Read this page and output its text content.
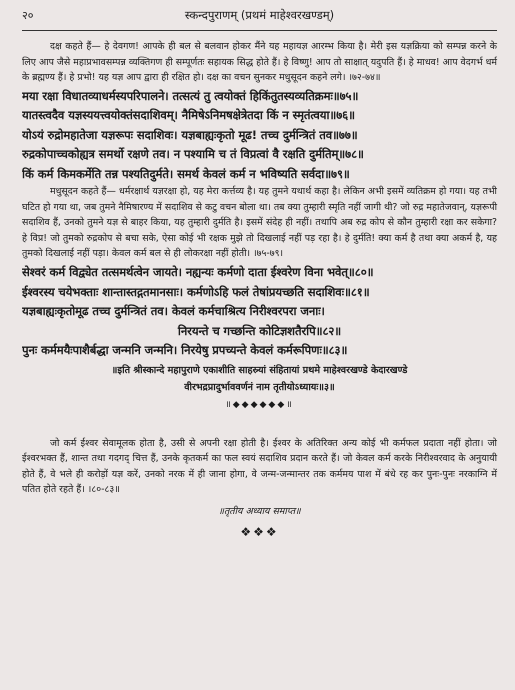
२०	स्कन्दपुराणम् (प्रथमं माहेश्वरखण्डम्)

दक्ष कहते हैं— हे देवगण! आपके ही बल से बलवान होकर मैंने यह महायज्ञ आरम्भ किया है। मेरी इस यज्ञक्रिया को सम्पन्न करने के लिए आप जैसे महाप्रभावसम्पन्न व्यक्तिगण ही सम्पूर्णतः सहायक सिद्ध होते हैं। हे विष्णु! आप तो साक्षात् यदुपति हैं। हे माधव! आप वेदगर्भ धर्म के ब्रह्मण्य हैं। हे प्रभो! यह यज्ञ आप द्वारा ही रक्षित हो। दक्ष का वचन सुनकर मधुसूदन कहने लगे। ।७२-७४॥

मया रक्षा विधातव्याधर्मस्यपरिपालने। तत्सत्यं तु त्वयोक्तं हिकिंतुतस्यव्यतिक्रमः॥७५॥

यातस्त्वदैव यज्ञस्ययत्त्वयोक्तंसदाशिवम्। नैमिषेऽनिमषक्षेत्रेतदा किं न स्मृतंत्वया॥७६॥

योऽयं रुद्रोमहातेजा यज्ञरूपः सदाशिवः। यज्ञबाह्यःकृतो मूढ! तच्च दुर्मन्त्रितं तव॥७७॥

रुद्रकोपाच्चकोह्यत्र समर्थो रक्षणे तव। न पश्यामि च तं विप्रत्वां वै रक्षति दुर्मतिम्॥७८॥

किं कर्म किमकर्मेति तन्न पश्यतिदुर्मते। समर्थ केवलं कर्म न भविष्यति सर्वदा॥७९॥

मधुसूदन कहते हैं— धर्मरक्षार्थ यज्ञरक्षा हो, यह मेरा कर्त्तव्य है। यह तुमने यथार्थ कहा है। लेकिन अभी इसमें व्यतिक्रम हो गया। यह तभी घटित हो गया था, जब तुमने नैमिषारण्य में सदाशिव से कटु वचन बोला था। तब क्या तुम्हारी स्मृति नहीं जागी थी? जो रुद्र महातेजवान्, यज्ञरूपी सदाशिव हैं, उनको तुमने यज्ञ से बाहर किया, यह तुम्हारी दुर्मति है। इसमें संदेह ही नहीं। तथापि अब रुद्र कोप से कौन तुम्हारी रक्षा कर सकेगा? हे विप्र! जो तुमको रुद्रकोप से बचा सके, ऐसा कोई भी रक्षक मुझे तो दिखलाई नहीं पड़ रहा है। हे दुर्मति! क्या कर्म है तथा क्या अकर्म है, यह तुमको दिखलाई नहीं पड़ा। केवल कर्म बल से ही लोकरक्षा नहीं होती। ।७५-७९।

सेश्वरं कर्म विद्व्येत तत्समर्थत्वेन जायते। नह्यन्यः कर्मणो दाता ईश्वरेण विना भवेत्॥८०॥

ईश्वरस्य चयेभक्ताः शान्तास्तद्गतमानसाः। कर्मणोऽहि फलं तेषांप्रयच्छति सदाशिवः॥८१॥

यज्ञबाह्यःकृतोमूढ तच्च दुर्मन्त्रितं तव। केवलं कर्मचाश्रित्य निरीश्वरपरा जनाः।

निरयन्ते च गच्छन्ति कोटिज्ञशतैरपि॥८२॥

पुनः कर्ममयैःपाशैर्बद्धा जन्मनि जन्मनि। निरयेषु प्रपच्यन्ते केवलं कर्मरूपिणः॥८३॥

॥इति श्रीस्कान्दे महापुराणे एकाशीति साहस्र्यां संहितायां प्रथमे माहेश्वरखण्डे केदारखण्डे

वीरभद्रप्रादुर्भाववर्णनं नाम तृतीयोऽध्यायः॥३॥

॥◆◆◆◆◆◆॥

जो कर्म ईश्वर सेवामूलक होता है, उसी से अपनी रक्षा होती है। ईश्वर के अतिरिक्त अन्य कोई भी कर्मफल प्रदाता नहीं होता। जो ईश्वरभक्त हैं, शान्त तथा गदगद् चित्त हैं, उनके कृतकर्म का फल स्वयं सदाशिव प्रदान करते हैं। जो केवल कर्म करके निरीश्वरवाद के अनुयायी होते हैं, वे भले ही करोड़ों यज्ञ करें, उनको नरक में ही जाना होगा, वे जन्म-जन्मान्तर तक कर्ममय पाश में बंधे रह कर पुनः-पुनः नरकाग्नि में पतित होते रहते हैं। ।८०-८३॥

॥तृतीय अध्याय समाप्त॥

❖❖❖
